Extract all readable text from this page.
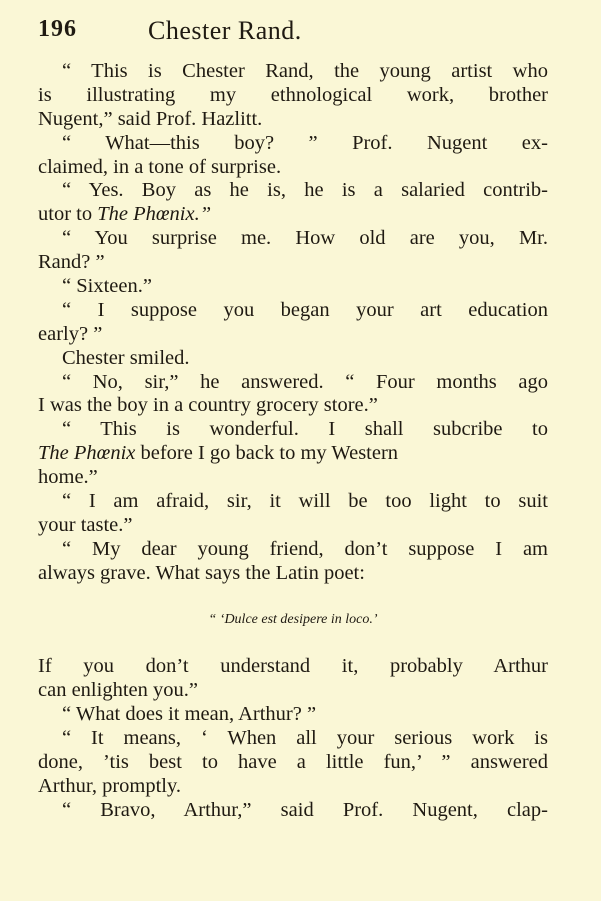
196	Chester Rand.
“ This is Chester Rand, the young artist who
is illustrating my ethnological work, brother
Nugent,” said Prof. Hazlitt.
“ What—this boy? ” Prof. Nugent ex-
claimed, in a tone of surprise.
“ Yes. Boy as he is, he is a salaried contrib-
utor to The Phœnix.”
“ You surprise me. How old are you, Mr.
Rand? ”
“ Sixteen.”
“ I suppose you began your art education
early? ”
Chester smiled.
“ No, sir,” he answered. “ Four months ago
I was the boy in a country grocery store.”
“ This is wonderful. I shall subcribe to
The Phœnix before I go back to my Western
home.”
“ I am afraid, sir, it will be too light to suit
your taste.”
“ My dear young friend, don’t suppose I am
always grave. What says the Latin poet:
“ ‘Dulce est desipere in loco.’
If you don’t understand it, probably Arthur
can enlighten you.”
“ What does it mean, Arthur? ”
“ It means, ‘ When all your serious work is
done, ’tis best to have a little fun,’ ” answered
Arthur, promptly.
“ Bravo, Arthur,” said Prof. Nugent, clap-
